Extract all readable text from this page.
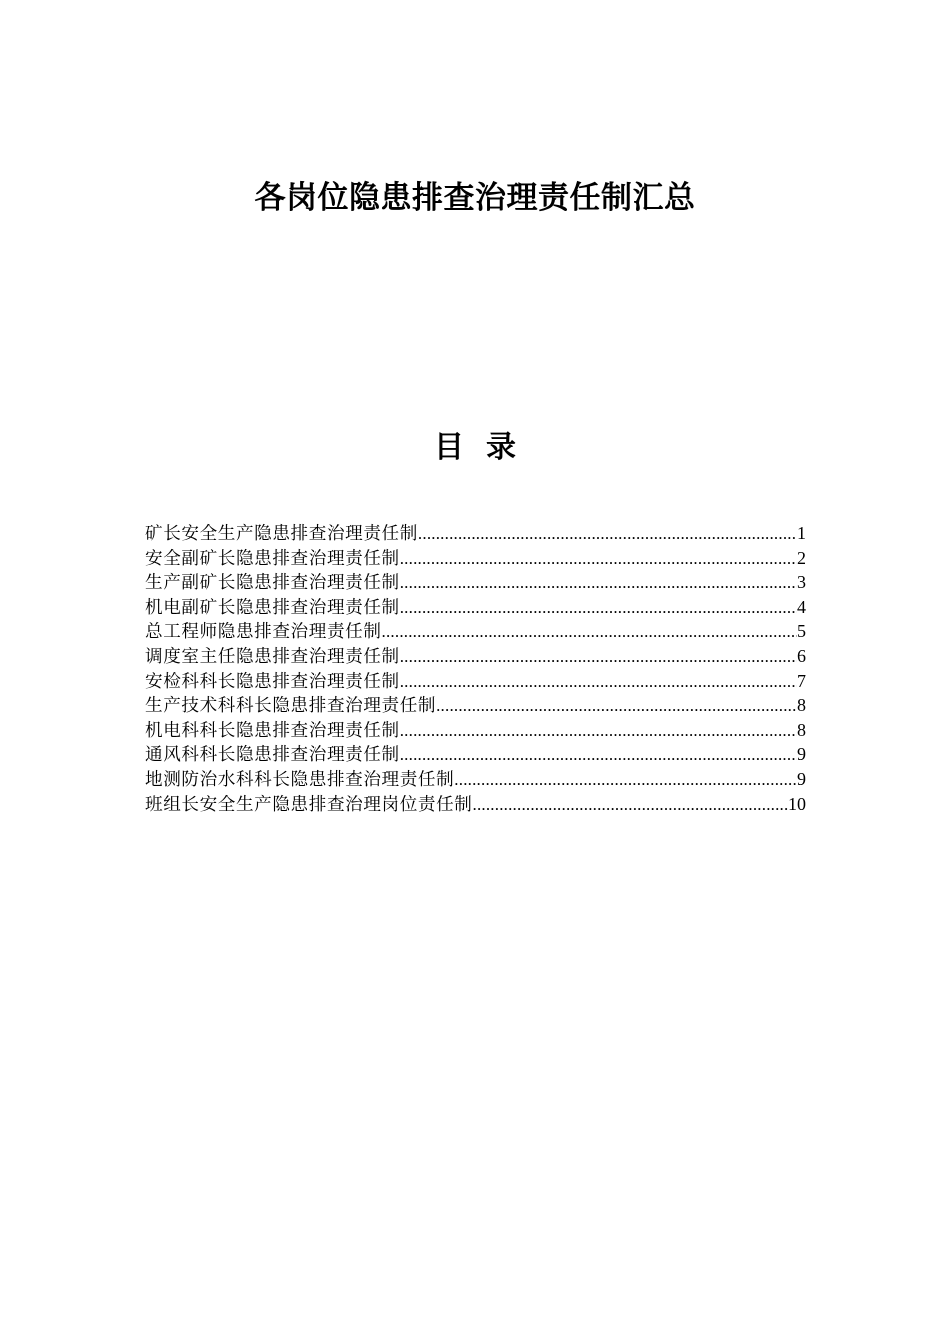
各岗位隐患排查治理责任制汇总
目录
矿长安全生产隐患排查治理责任制 .....	1
安全副矿长隐患排查治理责任制 .....	2
生产副矿长隐患排查治理责任制 .....	3
机电副矿长隐患排查治理责任制 .....	4
总工程师隐患排查治理责任制 .....	5
调度室主任隐患排查治理责任制 .....	6
安检科科长隐患排查治理责任制 .....	7
生产技术科科长隐患排查治理责任制 .....	8
机电科科长隐患排查治理责任制 .....	8
通风科科长隐患排查治理责任制 .....	9
地测防治水科科长隐患排查治理责任制 .....	9
班组长安全生产隐患排查治理岗位责任制 .....	10
